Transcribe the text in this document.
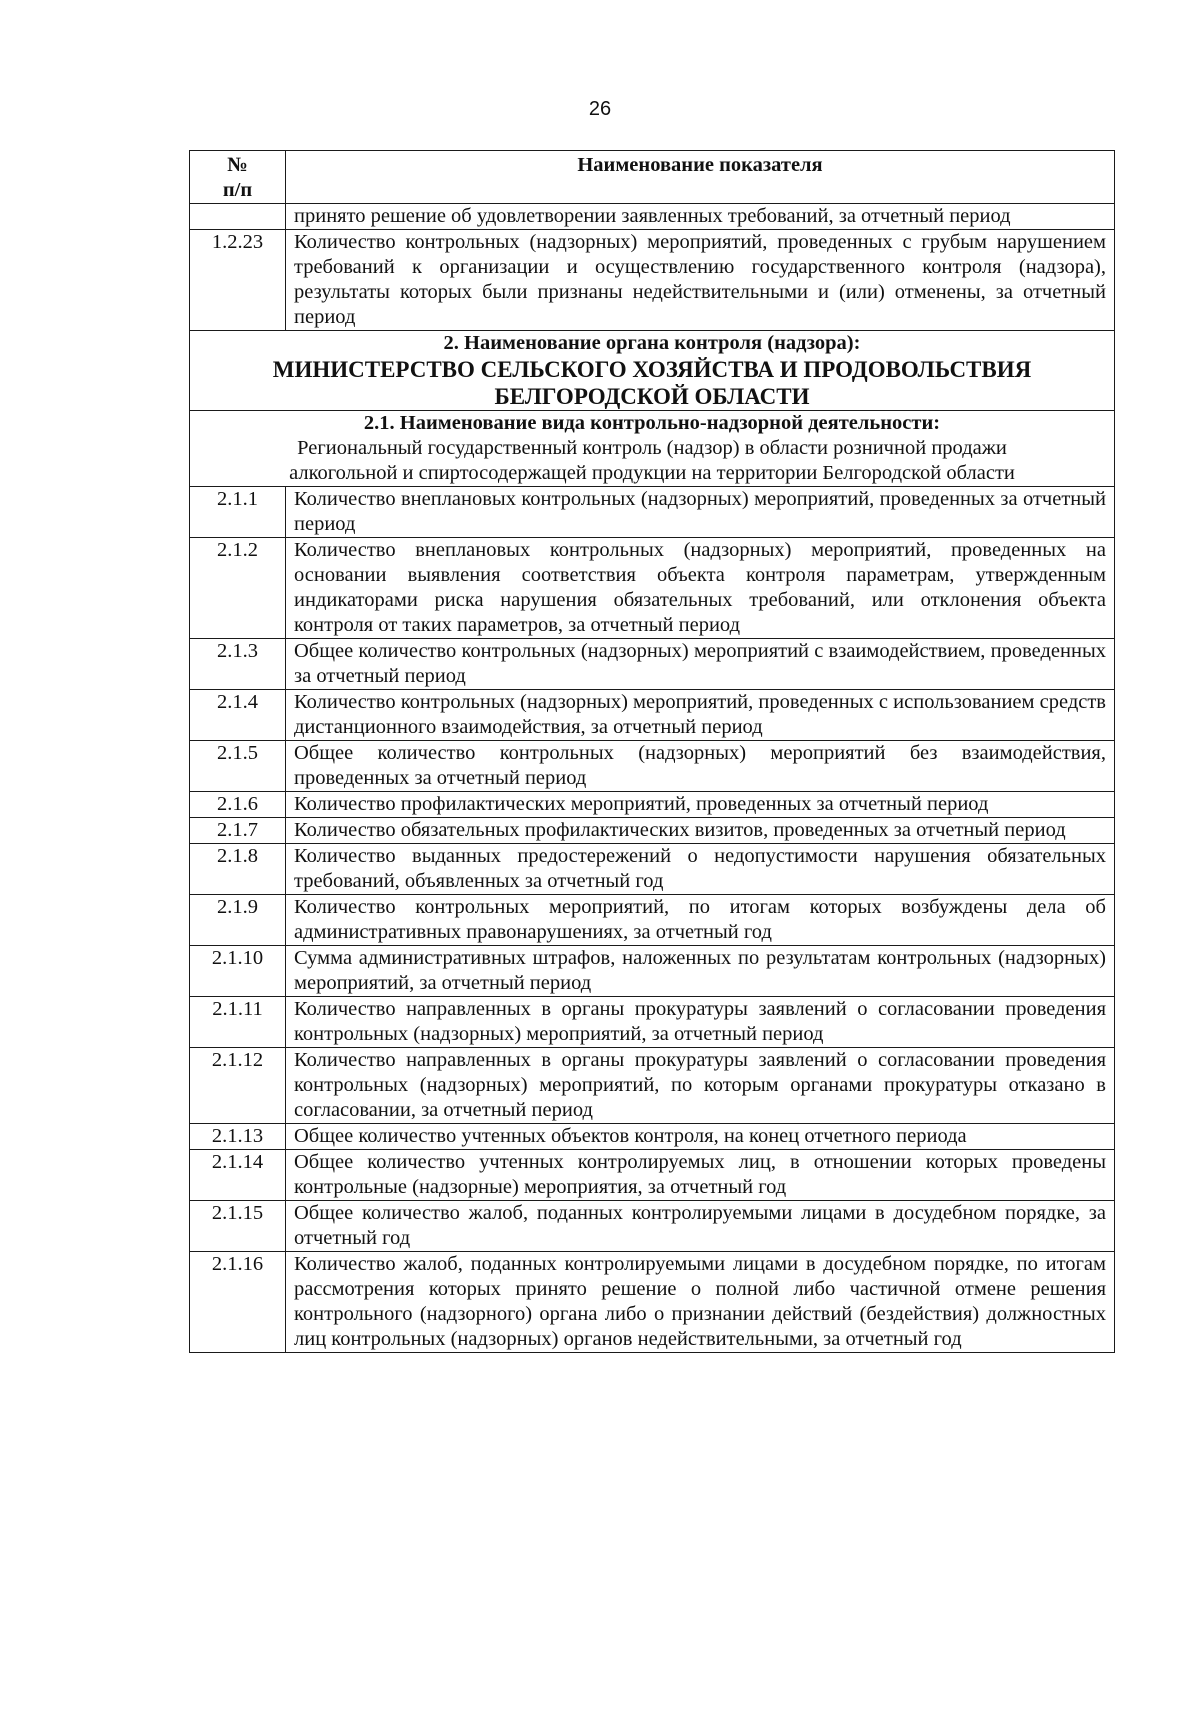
26
№
п/п	Наименование показателя
	принято решение об удовлетворении заявленных требований, за отчетный период
1.2.23	Количество контрольных (надзорных) мероприятий, проведенных с грубым нарушением требований к организации и осуществлению государственного контроля (надзора), результаты которых были признаны недействительными и (или) отменены, за отчетный период

2. Наименование органа контроля (надзора):
МИНИСТЕРСТВО СЕЛЬСКОГО ХОЗЯЙСТВА И ПРОДОВОЛЬСТВИЯ
БЕЛГОРОДСКОЙ ОБЛАСТИ	

2.1. Наименование вида контрольно-надзорной деятельности:
Региональный государственный контроль (надзор) в области розничной продажи
алкогольной и спиртосодержащей продукции на территории Белгородской области	

2.1.1	Количество внеплановых контрольных (надзорных) мероприятий, проведенных за отчетный период
2.1.2	Количество внеплановых контрольных (надзорных) мероприятий, проведенных на основании выявления соответствия объекта контроля параметрам, утвержденным индикаторами риска нарушения обязательных требований, или отклонения объекта контроля от таких параметров, за отчетный период
2.1.3	Общее количество контрольных (надзорных) мероприятий с взаимодействием, проведенных за отчетный период
2.1.4	Количество контрольных (надзорных) мероприятий, проведенных с использованием средств дистанционного взаимодействия, за отчетный период
2.1.5	Общее количество контрольных (надзорных) мероприятий без взаимодействия, проведенных за отчетный период
2.1.6	Количество профилактических мероприятий, проведенных за отчетный период
2.1.7	Количество обязательных профилактических визитов, проведенных за отчетный период
2.1.8	Количество выданных предостережений о недопустимости нарушения обязательных требований, объявленных за отчетный год
2.1.9	Количество контрольных мероприятий, по итогам которых возбуждены дела об административных правонарушениях, за отчетный год
2.1.10	Сумма административных штрафов, наложенных по результатам контрольных (надзорных) мероприятий, за отчетный период
2.1.11	Количество направленных в органы прокуратуры заявлений о согласовании проведения контрольных (надзорных) мероприятий, за отчетный период
2.1.12	Количество направленных в органы прокуратуры заявлений о согласовании проведения контрольных (надзорных) мероприятий, по которым органами прокуратуры отказано в согласовании, за отчетный период
2.1.13	Общее количество учтенных объектов контроля, на конец отчетного периода
2.1.14	Общее количество учтенных контролируемых лиц, в отношении которых проведены контрольные (надзорные) мероприятия, за отчетный год
2.1.15	Общее количество жалоб, поданных контролируемыми лицами в досудебном порядке, за отчетный год
2.1.16	Количество жалоб, поданных контролируемыми лицами в досудебном порядке, по итогам рассмотрения которых принято решение о полной либо частичной отмене решения контрольного (надзорного) органа либо о признании действий (бездействия) должностных лиц контрольных (надзорных) органов недействительными, за отчетный год
